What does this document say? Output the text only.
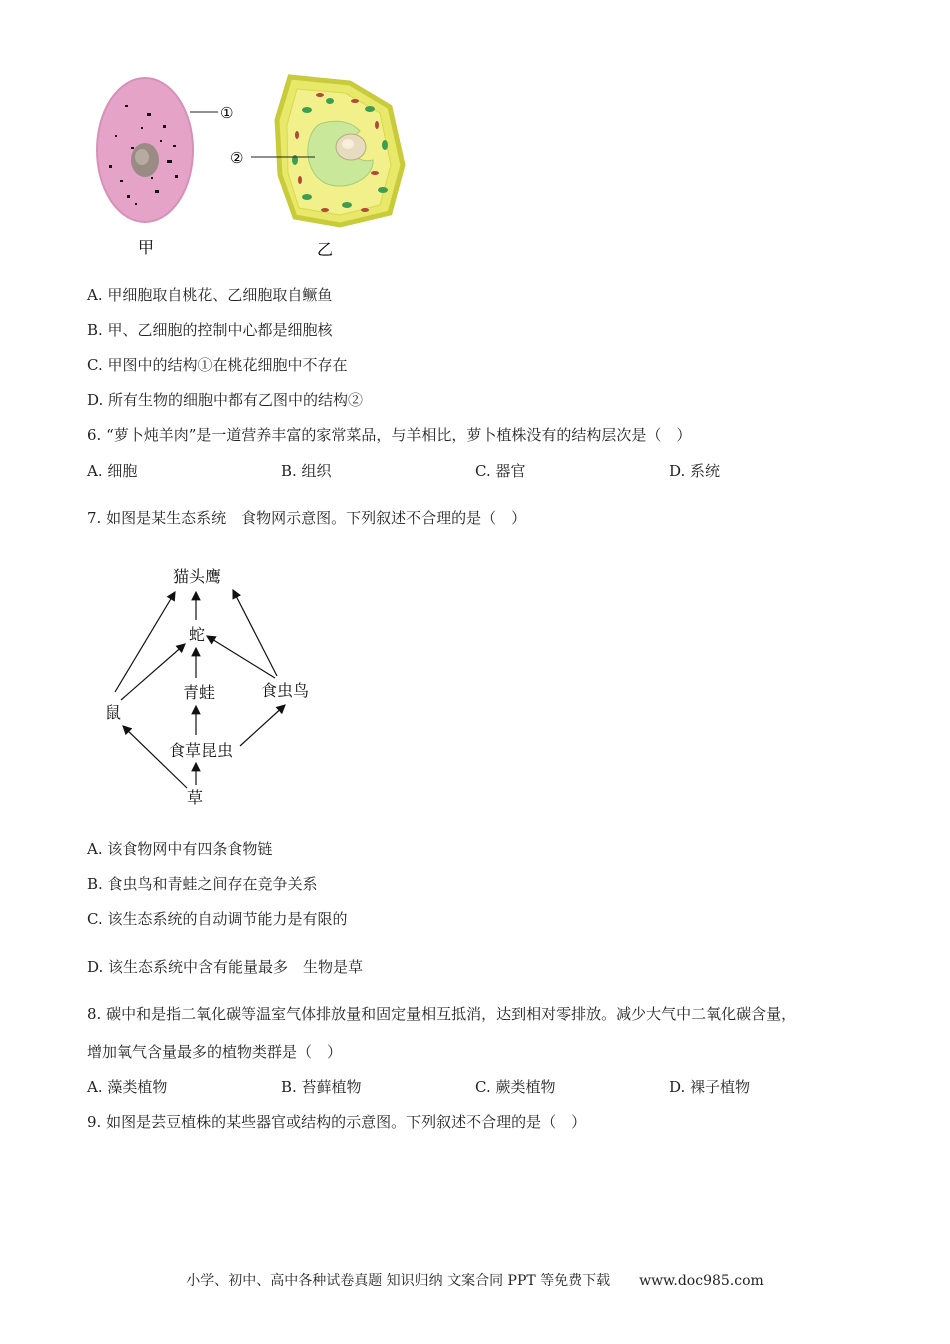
①
甲
②
乙
A. 甲细胞取自桃花、乙细胞取自鳜鱼
B. 甲、乙细胞的控制中心都是细胞核
C. 甲图中的结构①在桃花细胞中不存在
D. 所有生物的细胞中都有乙图中的结构②
6. “萝卜炖羊肉”是一道营养丰富的家常菜品，与羊相比，萝卜植株没有的结构层次是（　）
A. 细胞	B. 组织	C. 器官	D. 系统
7. 如图是某生态系统　食物网示意图。下列叙述不合理的是（　）
猫头鹰
蛇
青蛙	食虫鸟
鼠
食草昆虫
草
A. 该食物网中有四条食物链
B. 食虫鸟和青蛙之间存在竞争关系
C. 该生态系统的自动调节能力是有限的
D. 该生态系统中含有能量最多　生物是草
8. 碳中和是指二氧化碳等温室气体排放量和固定量相互抵消，达到相对零排放。减少大气中二氧化碳含量，
增加氧气含量最多的植物类群是（　）
A. 藻类植物	B. 苔藓植物	C. 蕨类植物	D. 裸子植物
9. 如图是芸豆植株的某些器官或结构的示意图。下列叙述不合理的是（　）
小学、初中、高中各种试卷真题 知识归纳 文案合同 PPT 等免费下载 www.doc985.com
